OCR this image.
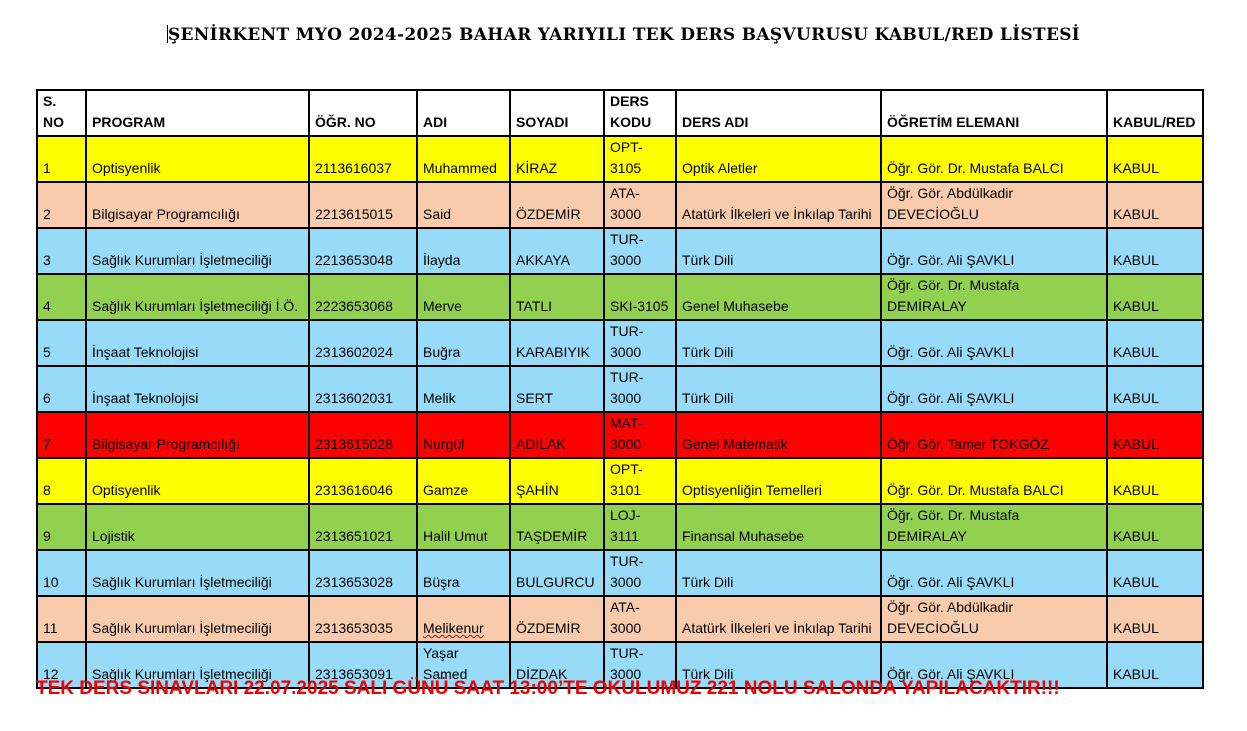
ŞENİRKENT MYO 2024-2025 BAHAR YARIYILI TEK DERS BAŞVURUSU KABUL/RED LİSTESİ
S. NO	PROGRAM	ÖĞR. NO	ADI	SOYADI	DERS KODU	DERS ADI	ÖĞRETİM ELEMANI	KABUL/RED
1	Optisyenlik	2113616037	Muhammed	KİRAZ	OPT-3105	Optik Aletler	Öğr. Gör. Dr. Mustafa BALCI	KABUL
2	Bilgisayar Programcılığı	2213615015	Said	ÖZDEMİR	ATA-3000	Atatürk İlkeleri ve İnkılap Tarihi	Öğr. Gör. Abdülkadir DEVECİOĞLU	KABUL
3	Sağlık Kurumları İşletmeciliği	2213653048	İlayda	AKKAYA	TUR-3000	Türk Dili	Öğr. Gör. Ali ŞAVKLI	KABUL
4	Sağlık Kurumları İşletmeciliği İ.Ö.	2223653068	Merve	TATLI	SKI-3105	Genel Muhasebe	Öğr. Gör. Dr. Mustafa DEMİRALAY	KABUL
5	İnşaat Teknolojisi	2313602024	Buğra	KARABIYIK	TUR-3000	Türk Dili	Öğr. Gör. Ali ŞAVKLI	KABUL
6	İnşaat Teknolojisi	2313602031	Melik	SERT	TUR-3000	Türk Dili	Öğr. Gör. Ali ŞAVKLI	KABUL
7	Bilgisayar Programcılığı	2313615028	Nurgül	ADİLAK	MAT-3000	Genel Matematik	Öğr. Gör. Tamer TOKGÖZ	KABUL
8	Optisyenlik	2313616046	Gamze	ŞAHİN	OPT-3101	Optisyenliğin Temelleri	Öğr. Gör. Dr. Mustafa BALCI	KABUL
9	Lojistik	2313651021	Halil Umut	TAŞDEMİR	LOJ-3111	Finansal Muhasebe	Öğr. Gör. Dr. Mustafa DEMİRALAY	KABUL
10	Sağlık Kurumları İşletmeciliği	2313653028	Büşra	BULGURCU	TUR-3000	Türk Dili	Öğr. Gör. Ali ŞAVKLI	KABUL
11	Sağlık Kurumları İşletmeciliği	2313653035	Melikenur	ÖZDEMİR	ATA-3000	Atatürk İlkeleri ve İnkılap Tarihi	Öğr. Gör. Abdülkadir DEVECİOĞLU	KABUL
12	Sağlık Kurumları İşletmeciliği	2313653091	Yaşar Samed	DİZDAK	TUR-3000	Türk Dili	Öğr. Gör. Ali ŞAVKLI	KABUL
TEK DERS SINAVLARI 22.07.2025 SALI GÜNÜ SAAT 13:00’TE OKULUMUZ 221 NOLU SALONDA YAPILACAKTIR!!!
